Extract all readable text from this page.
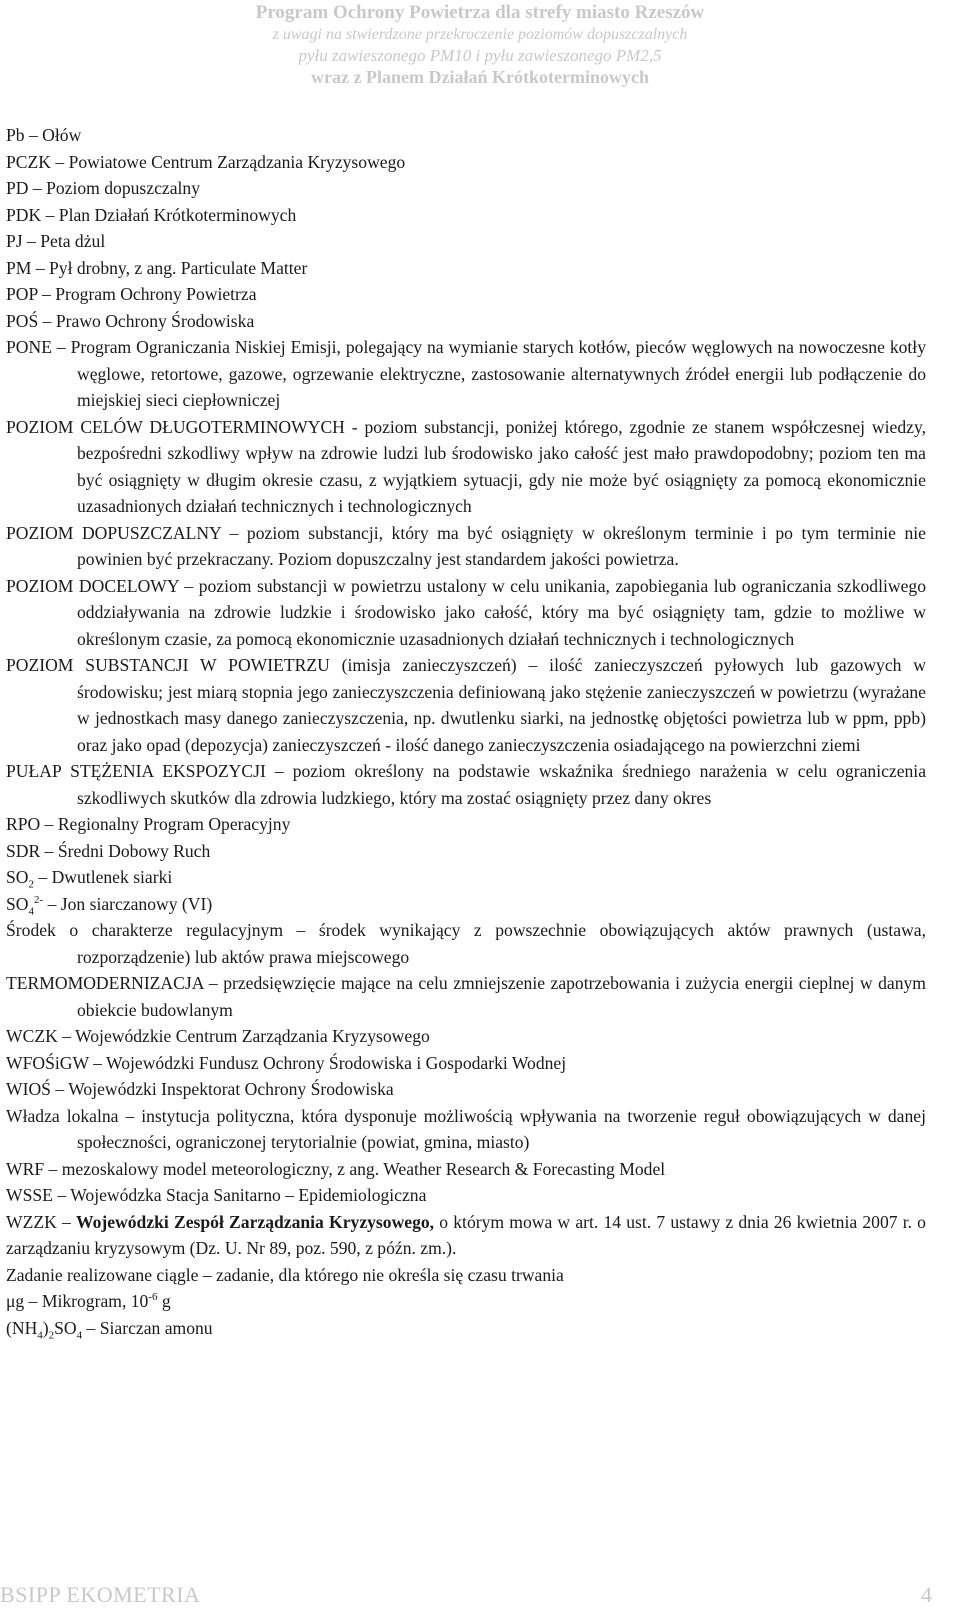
Program Ochrony Powietrza dla strefy miasto Rzeszów
z uwagi na stwierdzone przekroczenie poziomów dopuszczalnych
pyłu zawieszonego PM10 i pyłu zawieszonego PM2,5
wraz z Planem Działań Krótkoterminowych
Pb – Ołów
PCZK – Powiatowe Centrum Zarządzania Kryzysowego
PD – Poziom dopuszczalny
PDK – Plan Działań Krótkoterminowych
PJ – Peta dżul
PM – Pył drobny, z ang. Particulate Matter
POP – Program Ochrony Powietrza
POŚ – Prawo Ochrony Środowiska
PONE – Program Ograniczania Niskiej Emisji, polegający na wymianie starych kotłów, pieców węglowych na nowoczesne kotły węglowe, retortowe, gazowe, ogrzewanie elektryczne, zastosowanie alternatywnych źródeł energii lub podłączenie do miejskiej sieci ciepłowniczej
POZIOM CELÓW DŁUGOTERMINOWYCH - poziom substancji, poniżej którego, zgodnie ze stanem współczesnej wiedzy, bezpośredni szkodliwy wpływ na zdrowie ludzi lub środowisko jako całość jest mało prawdopodobny; poziom ten ma być osiągnięty w długim okresie czasu, z wyjątkiem sytuacji, gdy nie może być osiągnięty za pomocą ekonomicznie uzasadnionych działań technicznych i technologicznych
POZIOM DOPUSZCZALNY – poziom substancji, który ma być osiągnięty w określonym terminie i po tym terminie nie powinien być przekraczany. Poziom dopuszczalny jest standardem jakości powietrza.
POZIOM DOCELOWY – poziom substancji w powietrzu ustalony w celu unikania, zapobiegania lub ograniczania szkodliwego oddziaływania na zdrowie ludzkie i środowisko jako całość, który ma być osiągnięty tam, gdzie to możliwe w określonym czasie, za pomocą ekonomicznie uzasadnionych działań technicznych i technologicznych
POZIOM SUBSTANCJI W POWIETRZU (imisja zanieczyszczeń) – ilość zanieczyszczeń pyłowych lub gazowych w środowisku; jest miarą stopnia jego zanieczyszczenia definiowaną jako stężenie zanieczyszczeń w powietrzu (wyrażane w jednostkach masy danego zanieczyszczenia, np. dwutlenku siarki, na jednostkę objętości powietrza lub w ppm, ppb) oraz jako opad (depozycja) zanieczyszczeń - ilość danego zanieczyszczenia osiadającego na powierzchni ziemi
PUŁAP STĘŻENIA EKSPOZYCJI – poziom określony na podstawie wskaźnika średniego narażenia w celu ograniczenia szkodliwych skutków dla zdrowia ludzkiego, który ma zostać osiągnięty przez dany okres
RPO – Regionalny Program Operacyjny
SDR – Średni Dobowy Ruch
$SO_2$ – Dwutlenek siarki
$SO_4^{2-}$ – Jon siarczanowy (VI)
Środek o charakterze regulacyjnym – środek wynikający z powszechnie obowiązujących aktów prawnych (ustawa, rozporządzenie) lub aktów prawa miejscowego
TERMOMODERNIZACJA – przedsięwzięcie mające na celu zmniejszenie zapotrzebowania i zużycia energii cieplnej w danym obiekcie budowlanym
WCZK – Wojewódzkie Centrum Zarządzania Kryzysowego
WFOŚiGW – Wojewódzki Fundusz Ochrony Środowiska i Gospodarki Wodnej
WIOŚ – Wojewódzki Inspektorat Ochrony Środowiska
Władza lokalna – instytucja polityczna, która dysponuje możliwością wpływania na tworzenie reguł obowiązujących w danej społeczności, ograniczonej terytorialnie (powiat, gmina, miasto)
WRF – mezoskalowy model meteorologiczny, z ang. Weather Research & Forecasting Model
WSSE – Wojewódzka Stacja Sanitarno – Epidemiologiczna
WZZK – Wojewódzki Zespół Zarządzania Kryzysowego, o którym mowa w art. 14 ust. 7 ustawy z dnia 26 kwietnia 2007 r. o zarządzaniu kryzysowym (Dz. U. Nr 89, poz. 590, z późn. zm.).
Zadanie realizowane ciągle – zadanie, dla którego nie określa się czasu trwania
μg – Mikrogram, $10^{-6}$ g
$(NH_4)_2SO_4$ – Siarczan amonu
BSIPP EKOMETRIA	4
